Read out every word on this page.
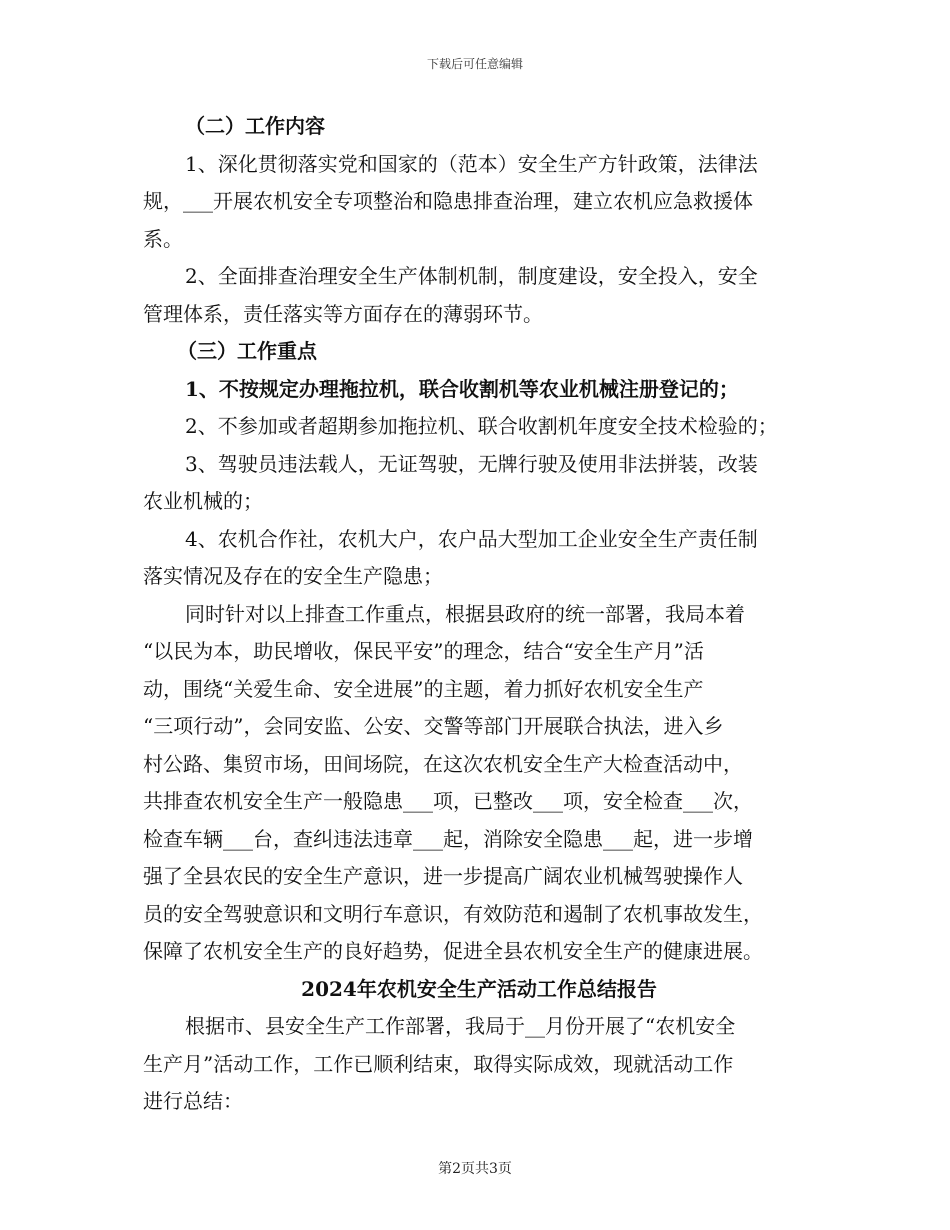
下载后可任意编辑
（二）工作内容
1、深化贯彻落实党和国家的（范本）安全生产方针政策，法律法
规，___开展农机安全专项整治和隐患排查治理，建立农机应急救援体
系。
2、全面排查治理安全生产体制机制，制度建设，安全投入，安全
管理体系，责任落实等方面存在的薄弱环节。
（三）工作重点
1、不按规定办理拖拉机，联合收割机等农业机械注册登记的；
2、不参加或者超期参加拖拉机、联合收割机年度安全技术检验的；
3、驾驶员违法载人，无证驾驶，无牌行驶及使用非法拼装，改装
农业机械的；
4、农机合作社，农机大户，农户品大型加工企业安全生产责任制
落实情况及存在的安全生产隐患；
同时针对以上排查工作重点，根据县政府的统一部署，我局本着
“以民为本，助民增收，保民平安”的理念，结合“安全生产月”活
动，围绕“关爱生命、安全进展”的主题，着力抓好农机安全生产
“三项行动”，会同安监、公安、交警等部门开展联合执法，进入乡
村公路、集贸市场，田间场院，在这次农机安全生产大检查活动中，
共排查农机安全生产一般隐患___项，已整改___项，安全检查___次，
检查车辆___台，查纠违法违章___起，消除安全隐患___起，进一步增
强了全县农民的安全生产意识，进一步提高广阔农业机械驾驶操作人
员的安全驾驶意识和文明行车意识，有效防范和遏制了农机事故发生，
保障了农机安全生产的良好趋势，促进全县农机安全生产的健康进展。
2024年农机安全生产活动工作总结报告
根据市、县安全生产工作部署，我局于__月份开展了“农机安全
生产月”活动工作，工作已顺利结束，取得实际成效，现就活动工作
进行总结：
第2页共3页
